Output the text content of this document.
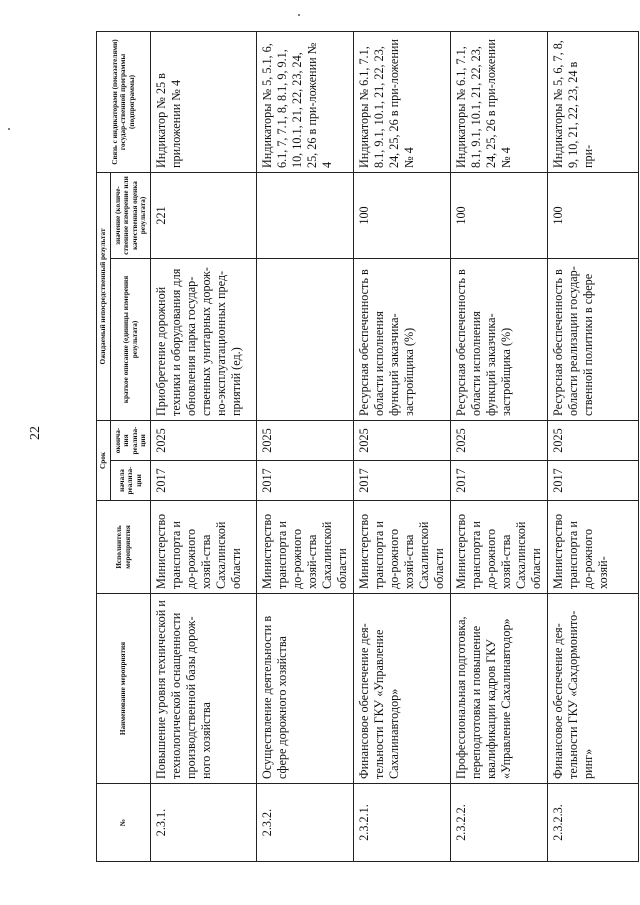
22
№	Наименование мероприятия	Исполнитель мероприятия	Срок		Ожидаемый непосредственный результат		Связь с индикаторами (показателями) государ-ственной программы (подпрограммы)
			начала реализа-ции	оконча-ния реализа-ции	краткое описание (единицы измерения результата)	значение (количе-ственное измерение или качественная оценка результата)	
2.3.1.	Повышение уровня технической и технологической оснащенности производственной базы дорож-ного хозяйства	Министерство транспорта и до-рожного хозяй-ства Сахалинской области	2017	2025	Приобретение дорожной техники и оборудования для обновления парка государ-ственных унитарных дорож-но-эксплуатационных пред-приятий (ед.)	221	Индикатор № 25 в приложении № 4
2.3.2.	Осуществление деятельности в сфере дорожного хозяйства	Министерство транспорта и до-рожного хозяй-ства Сахалинской области	2017	2025			Индикаторы № 5, 5.1, 6, 6.1, 7, 7.1, 8, 8.1, 9, 9.1, 10, 10.1, 21, 22, 23, 24, 25, 26 в при-ложении № 4
2.3.2.1.	Финансовое обеспечение дея-тельности ГКУ «Управление Сахалинавтодор»	Министерство транспорта и до-рожного хозяй-ства Сахалинской области	2017	2025	Ресурсная обеспеченность в области исполнения функций заказчика-застройщика (%)	100	Индикаторы № 6.1, 7.1, 8.1, 9.1, 10.1, 21, 22, 23, 24, 25, 26 в при-ложении № 4
2.3.2.2.	Профессиональная подготовка, переподготовка и повышение квалификации кадров ГКУ «Управление Сахалинавтодор»	Министерство транспорта и до-рожного хозяй-ства Сахалинской области	2017	2025	Ресурсная обеспеченность в области исполнения функций заказчика-застройщика (%)	100	Индикаторы № 6.1, 7.1, 8.1, 9.1, 10.1, 21, 22, 23, 24, 25, 26 в при-ложении № 4
2.3.2.3.	Финансовое обеспечение дея-тельности ГКУ «Сахдормонито-ринг»	Министерство транспорта и до-рожного хозяй-	2017	2025	Ресурсная обеспеченность в области реализации государ-ственной политики в сфере	100	Индикаторы № 5, 6, 7, 8, 9, 10, 21, 22, 23, 24 в при-
